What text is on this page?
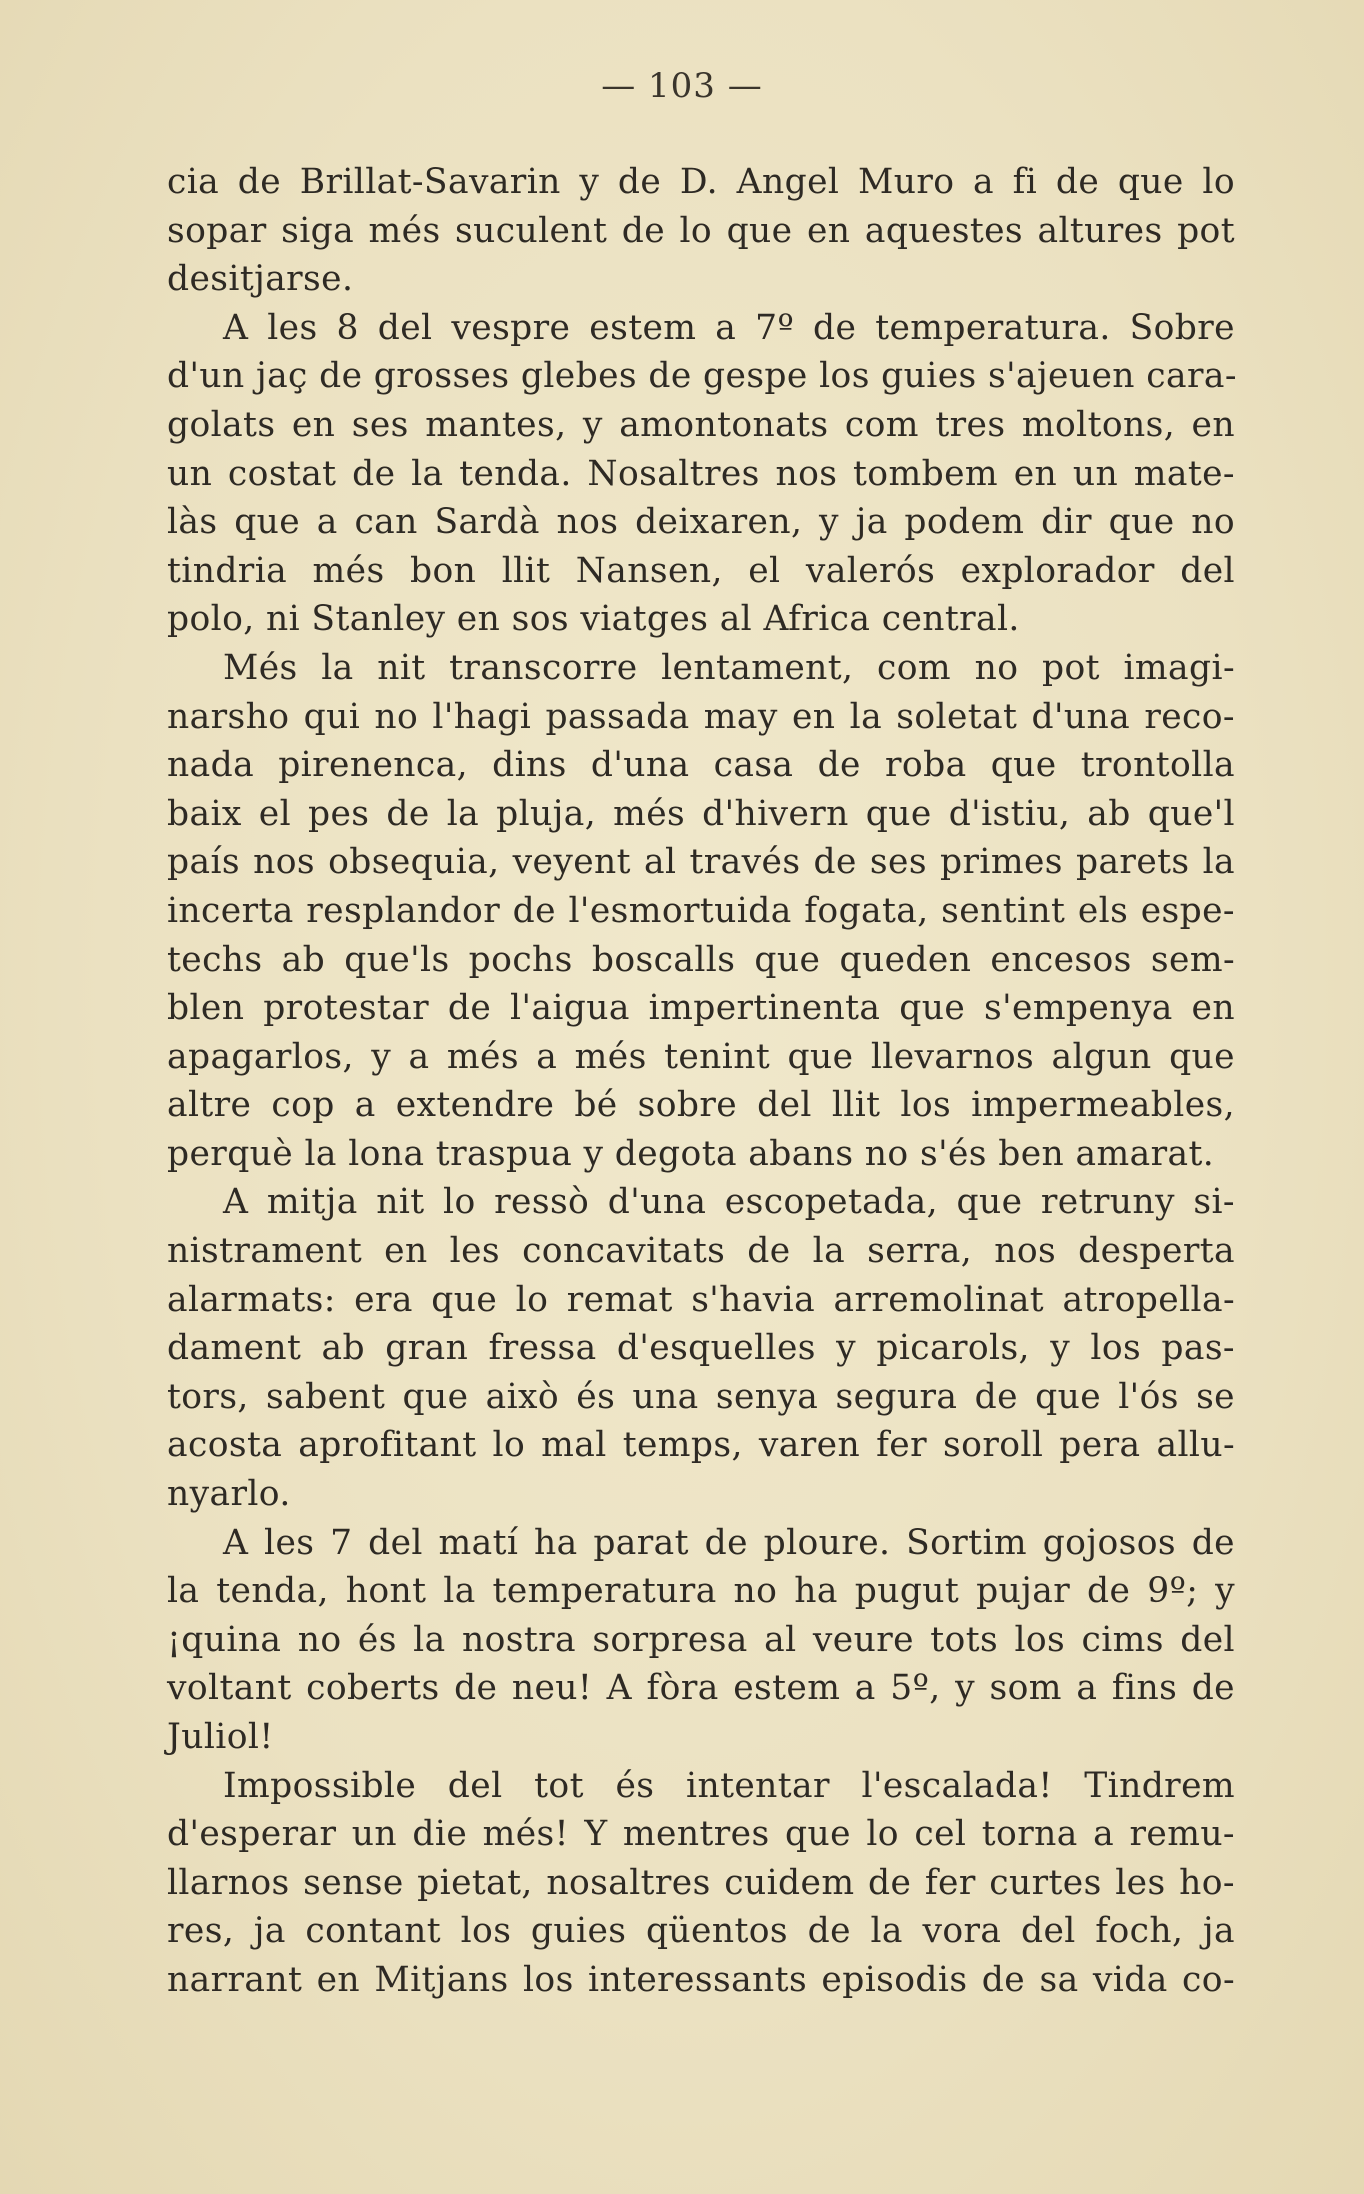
— 103 —
cia de Brillat-Savarin y de D. Angel Muro a fi de que lo
sopar siga més suculent de lo que en aquestes altures pot
desitjarse.
A les 8 del vespre estem a 7º de temperatura. Sobre
d'un jaç de grosses glebes de gespe los guies s'ajeuen cara-
golats en ses mantes, y amontonats com tres moltons, en
un costat de la tenda. Nosaltres nos tombem en un mate-
làs que a can Sardà nos deixaren, y ja podem dir que no
tindria més bon llit Nansen, el valerós explorador del
polo, ni Stanley en sos viatges al Africa central.
Més la nit transcorre lentament, com no pot imagi-
narsho qui no l'hagi passada may en la soletat d'una reco-
nada pirenenca, dins d'una casa de roba que trontolla
baix el pes de la pluja, més d'hivern que d'istiu, ab que'l
país nos obsequia, veyent al través de ses primes parets la
incerta resplandor de l'esmortuida fogata, sentint els espe-
techs ab que'ls pochs boscalls que queden encesos sem-
blen protestar de l'aigua impertinenta que s'empenya en
apagarlos, y a més a més tenint que llevarnos algun que
altre cop a extendre bé sobre del llit los impermeables,
perquè la lona traspua y degota abans no s'és ben amarat.
A mitja nit lo ressò d'una escopetada, que retruny si-
nistrament en les concavitats de la serra, nos desperta
alarmats: era que lo remat s'havia arremolinat atropella-
dament ab gran fressa d'esquelles y picarols, y los pas-
tors, sabent que això és una senya segura de que l'ós se
acosta aprofitant lo mal temps, varen fer soroll pera allu-
nyarlo.
A les 7 del matí ha parat de ploure. Sortim gojosos de
la tenda, hont la temperatura no ha pugut pujar de 9º; y
¡quina no és la nostra sorpresa al veure tots los cims del
voltant coberts de neu! A fòra estem a 5º, y som a fins de
Juliol!
Impossible del tot és intentar l'escalada! Tindrem
d'esperar un die més! Y mentres que lo cel torna a remu-
llarnos sense pietat, nosaltres cuidem de fer curtes les ho-
res, ja contant los guies qüentos de la vora del foch, ja
narrant en Mitjans los interessants episodis de sa vida co-
